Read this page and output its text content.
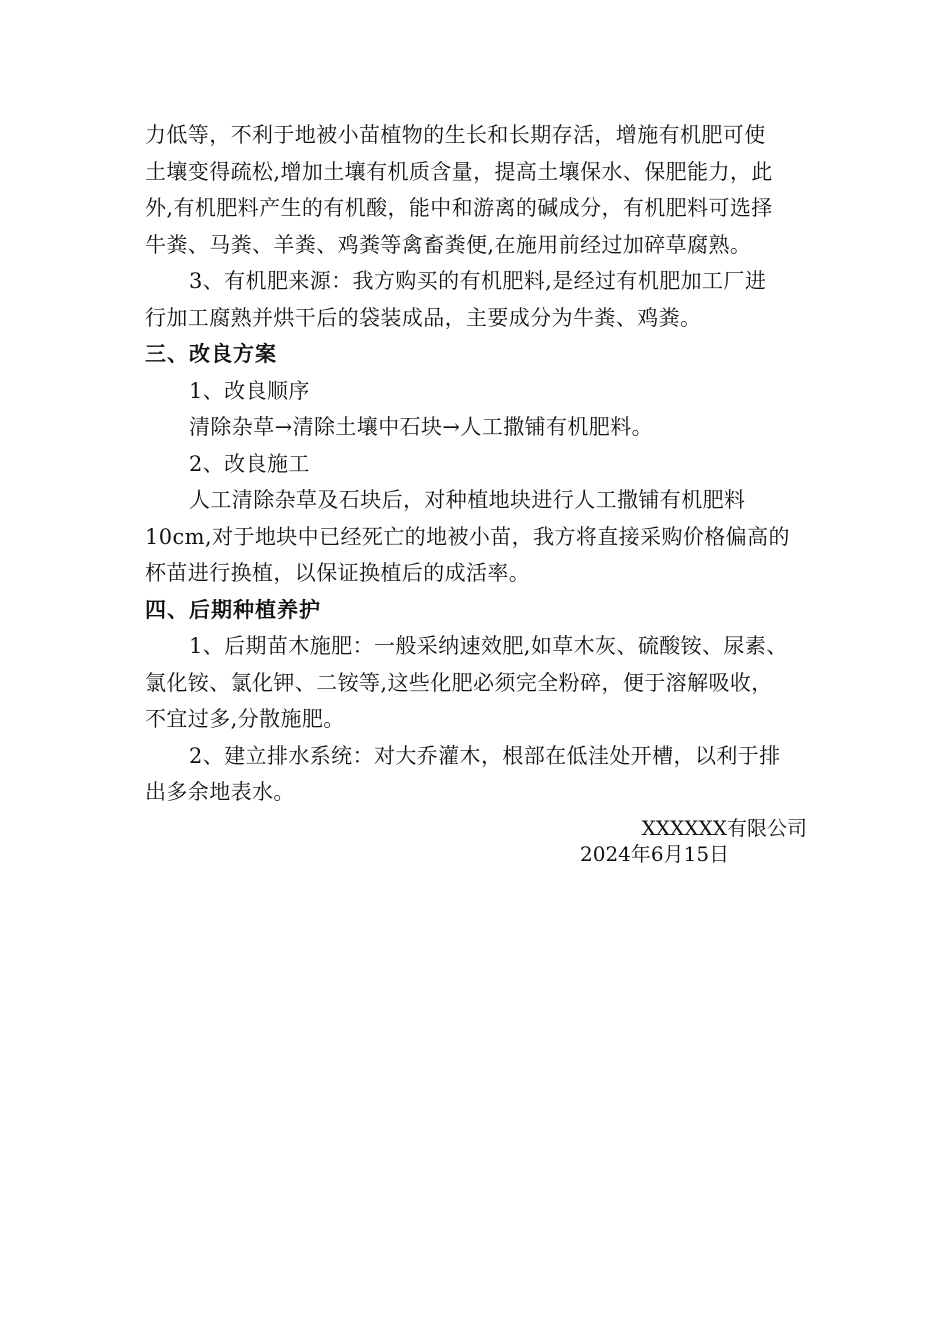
力低等，不利于地被小苗植物的生长和长期存活，增施有机肥可使
土壤变得疏松,增加土壤有机质含量，提高土壤保水、保肥能力，此
外,有机肥料产生的有机酸，能中和游离的碱成分，有机肥料可选择
牛粪、马粪、羊粪、鸡粪等禽畜粪便,在施用前经过加碎草腐熟。
3、有机肥来源：我方购买的有机肥料,是经过有机肥加工厂进
行加工腐熟并烘干后的袋装成品，主要成分为牛粪、鸡粪。
三、改良方案
1、改良顺序
清除杂草→清除土壤中石块→人工撒铺有机肥料。
2、改良施工
人工清除杂草及石块后，对种植地块进行人工撒铺有机肥料
10cm,对于地块中已经死亡的地被小苗，我方将直接采购价格偏高的
杯苗进行换植，以保证换植后的成活率。
四、后期种植养护
1、后期苗木施肥：一般采纳速效肥,如草木灰、硫酸铵、尿素、
氯化铵、氯化钾、二铵等,这些化肥必须完全粉碎，便于溶解吸收，
不宜过多,分散施肥。
2、建立排水系统：对大乔灌木，根部在低洼处开槽，以利于排
出多余地表水。
XXXXXX有限公司
2024年6月15日
